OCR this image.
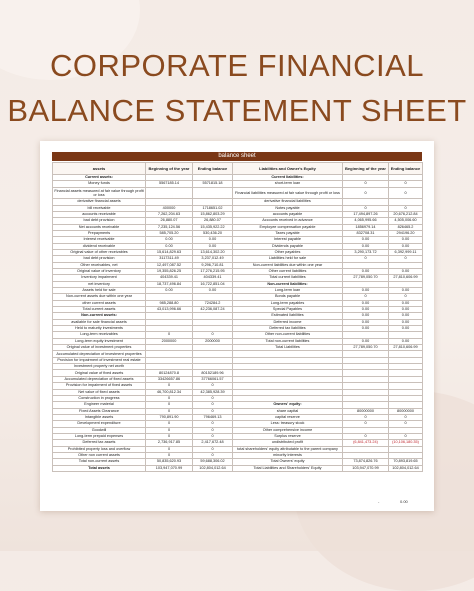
CORPORATE FINANCIAL
BALANCE STATEMENT SHEET
balance sheet
assets	Beginning of the year	Ending balance	Liabilities and Owner's Equity	Beginning of the year	Ending balance
Current assets:			Current liabilities:		
Money funds	5567185.14	5571815.18	short-term loan	0	0
Financial assets measured at fair value through profit or loss			Financial liabilities measured at fair value through profit or loss	0	0
derivative financial assets			derivative financial liabilities		
bill receivable	400000	1718651.02	Notes payable	0	0
accounts receivable	7,262,204.63	15,862,803.29	accounts payable	17,494,897.26	20,676,212.84
bad debt provision	26,880.07	26,880.07	Accounts received in advance	4,065,995.66	4,505,006.60
Net accounts receivable	7,235,124.56	15,435,922.22	Employee compensation payable	1856979.14	826465.2
Prepayments	585,705.20	530,436.20	Taxes payable	832708.31	294196.20
Interest receivable	0.00	0.00	Interest payable	0.00	0.00
dividend receivable	0.00	0.00	Dividends payable	0.00	0.00
Original value of other receivables	15,614,829.63	13,614,302.20	Other payables	3,290,173.72	6,392,999.11
bad debt provision	3117311.49	3,237,012.49	Liabilities held for sale	0	0
Other receivables, net	12,497,087.52	9,296,710.81	Non-current liabilities due within one year		
Original value of inventory	19,355,826.25	17,276,215.95	Other current liabilities	0.00	0.00
Inventory impairment	404339.41	404339.41	Total current liabilities	27,789,050.70	27,810,606.99
net inventory	18,737,496.84	16,722,851.04	Non-current liabilities:		
Assets held for sale	0.00	0.00	Long-term loan	0.00	0.00
Non-current assets due within one year			Bonds payable	0	0
other current assets	985,288.80	724284.2	Long-term payables	0.00	0.00
Total current assets	43,013,996.66	42,236,087.24	Special Payables	0.00	0.00
Non-current assets:			Estimated liabilities	0.00	0.00
available for sale financial assets			Deferred income	0.00	0.00
Held to maturity investments			Deferred tax liabilities	0.00	0.00
Long-term receivables	0	0	Other non-current liabilities		
Long-term equity investment	2000000	2000000	Total non-current liabilities	0.00	0.00
Original value of investment properties			Total Liabilities	27,789,050.70	27,810,606.99
Accumulated depreciation of investment properties					
Provision for impairment of investment real estate					
Investment property net worth					
Original value of fixed assets	80124870.8	80152189.96			
Accumulated depreciation of fixed assets	33426657.86	37766061.57			
Provision for impairment of fixed assets	0	0			
Net value of fixed assets	46,700,812.34	42,385,928.39			
Construction in progress	0	0			
Engineer material	0	0	Owners' equity:		
Fixed Assets Clearance	0	0	share capital	80000000	80000000
Intangible assets	790,891.90	796469.13	capital reserve	0	0
Development expenditure	0	0	Less: treasury stock	0	0
Goodwill	0	0	Other comprehensive income		
Long-term prepaid expenses	0	0	Surplus reserve	0	0
Deferred tax assets	2,736,917.85	2,417,672.48	undistributed profit	(6,841,473.24)	(10,106,180.35)
Prohibited property loss and overflow	0	0	total shareholders' equity attributable to the parent company		
Other non current assets	0	0	minority interests		
Total non-current assets	50,835,620.93	59,688,306.02	Total Owners' equity	73,874,826.76	70,893,819.65
Total assets	103,947,070.99	102,804,012.64	Total Liabilities and Shareholders' Equity	103,947,070.99	102,804,012.64
-	0.00
